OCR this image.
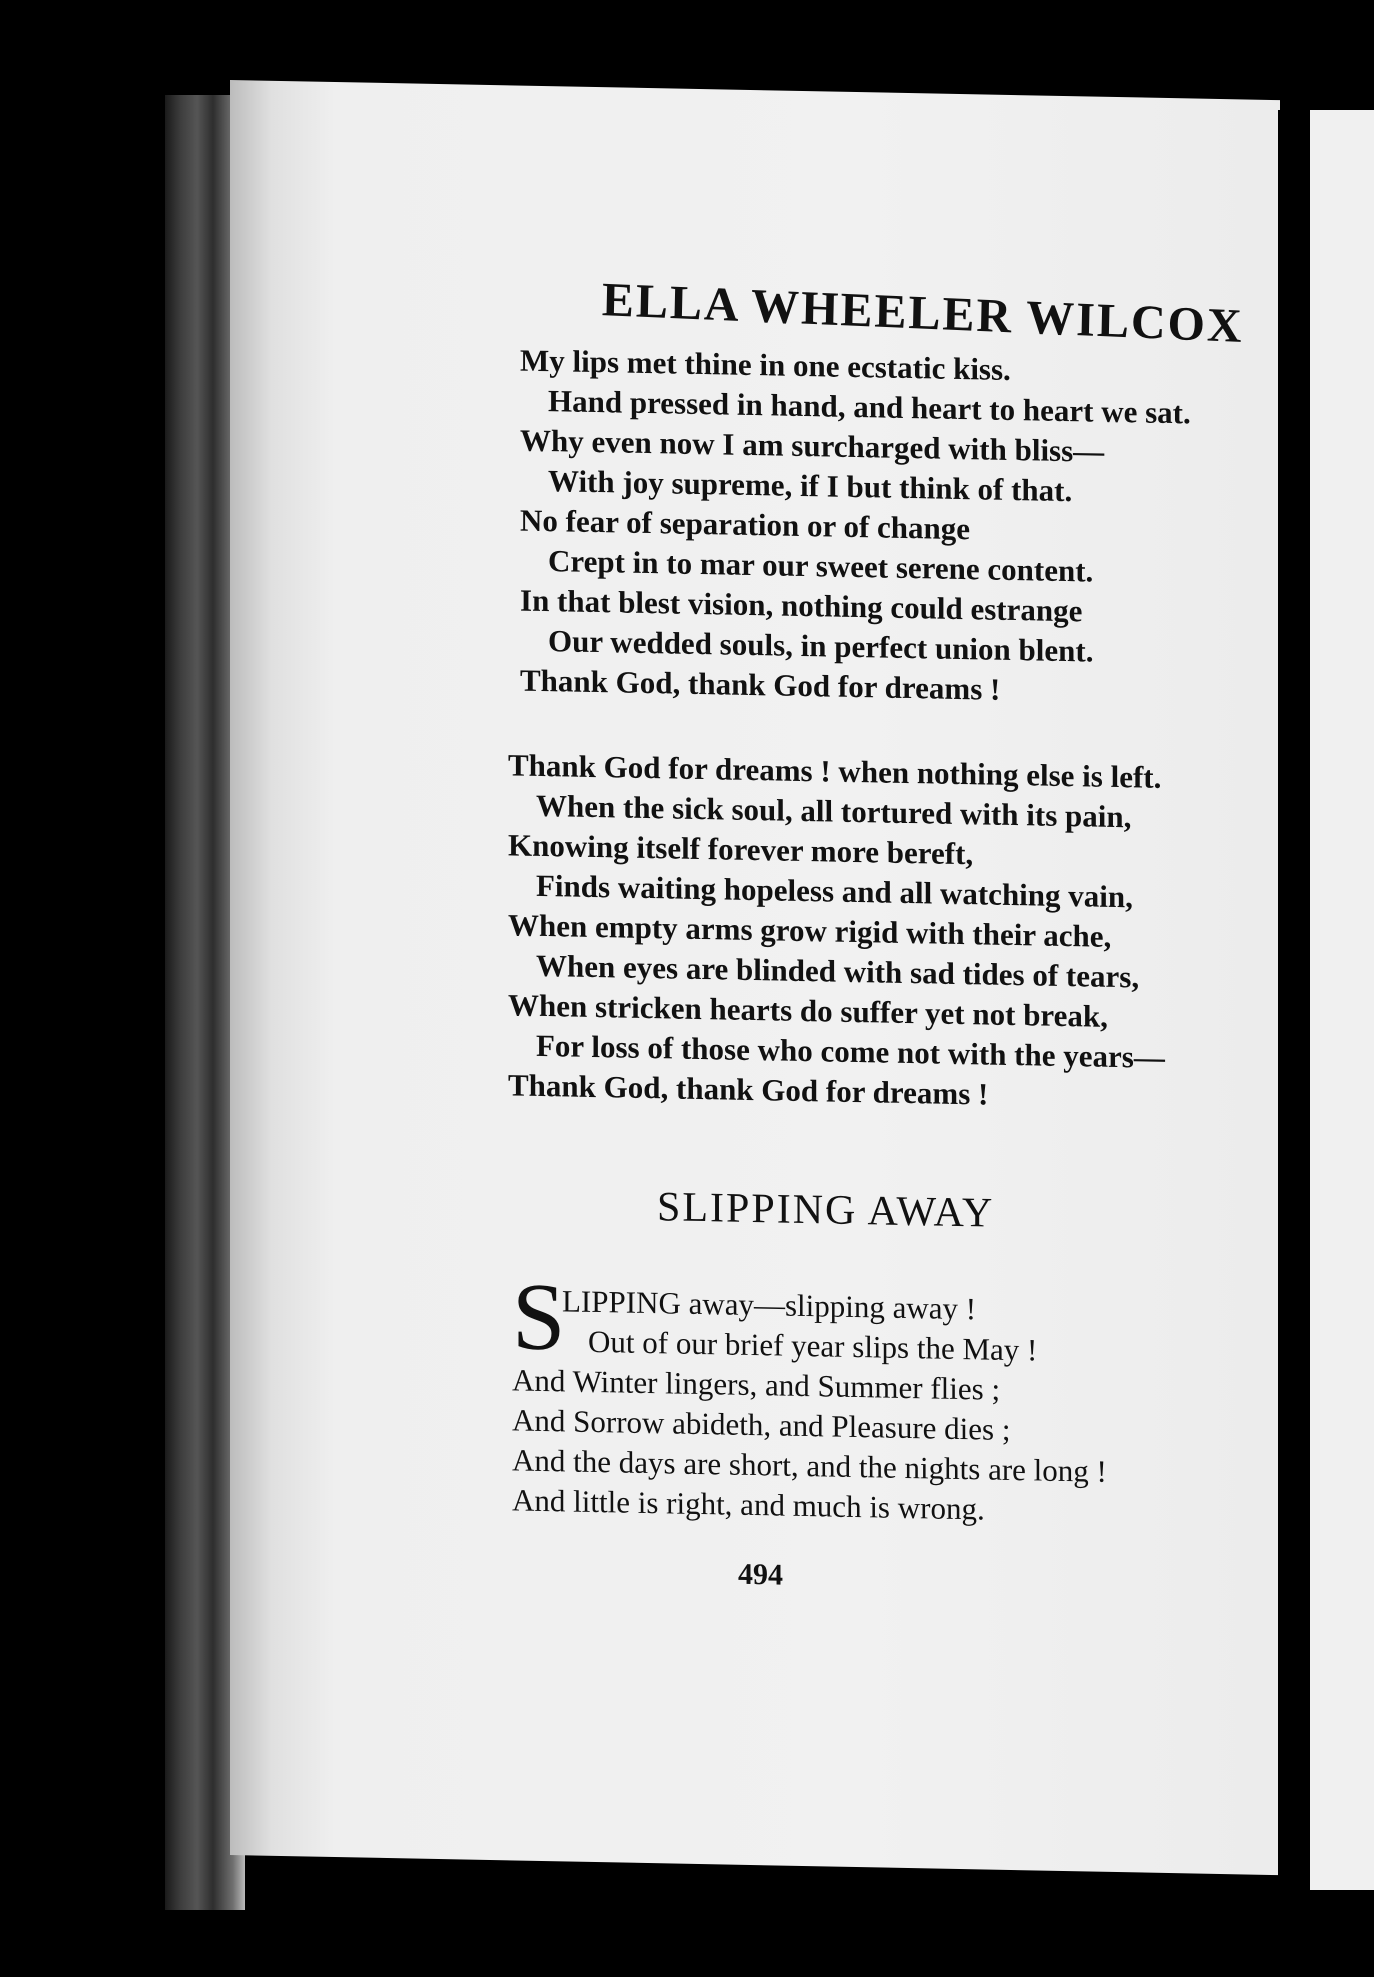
ELLA WHEELER WILCOX
My lips met thine in one ecstatic kiss.
Hand pressed in hand, and heart to heart we sat.
Why even now I am surcharged with bliss—
With joy supreme, if I but think of that.
No fear of separation or of change
Crept in to mar our sweet serene content.
In that blest vision, nothing could estrange
Our wedded souls, in perfect union blent.
Thank God, thank God for dreams !
Thank God for dreams ! when nothing else is left.
When the sick soul, all tortured with its pain,
Knowing itself forever more bereft,
Finds waiting hopeless and all watching vain,
When empty arms grow rigid with their ache,
When eyes are blinded with sad tides of tears,
When stricken hearts do suffer yet not break,
For loss of those who come not with the years—
Thank God, thank God for dreams !
SLIPPING AWAY
S
LIPPING away—slipping away !
Out of our brief year slips the May !
And Winter lingers, and Summer flies ;
And Sorrow abideth, and Pleasure dies ;
And the days are short, and the nights are long !
And little is right, and much is wrong.

494
